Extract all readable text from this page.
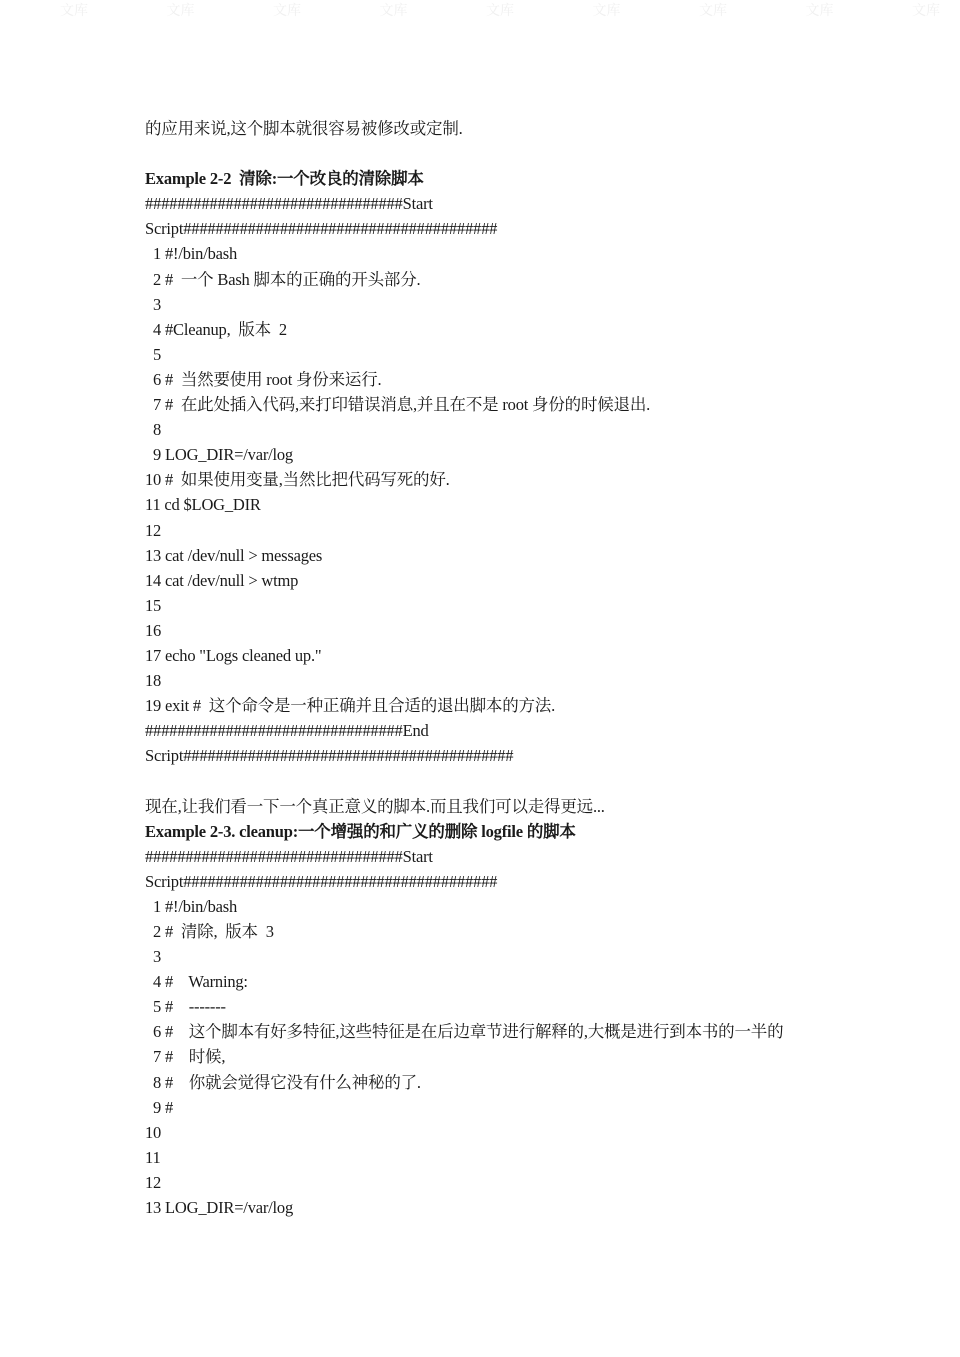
文库	文库	文库	文库	文库	文库	文库	文库	文库
的应用来说,这个脚本就很容易被修改或定制.
Example 2-2  清除:一个改良的清除脚本
################################Start
Script#######################################
1 #!/bin/bash
2 #  一个 Bash 脚本的正确的开头部分.
3
4 #Cleanup,  版本  2
5
6 #  当然要使用 root 身份来运行.
7 #  在此处插入代码,来打印错误消息,并且在不是 root 身份的时候退出.
8
9 LOG_DIR=/var/log
10 #  如果使用变量,当然比把代码写死的好.
11 cd $LOG_DIR
12
13 cat /dev/null > messages
14 cat /dev/null > wtmp
15
16
17 echo "Logs cleaned up."
18
19 exit #  这个命令是一种正确并且合适的退出脚本的方法.
################################End
Script#########################################
现在,让我们看一下一个真正意义的脚本.而且我们可以走得更远...
Example 2-3. cleanup:一个增强的和广义的删除 logfile 的脚本
################################Start
Script#######################################
1 #!/bin/bash
2 #  清除,  版本  3
3
4 #    Warning:
5 #    -------
6 #    这个脚本有好多特征,这些特征是在后边章节进行解释的,大概是进行到本书的一半的
7 #    时候,
8 #    你就会觉得它没有什么神秘的了.
9 #
10
11
12
13 LOG_DIR=/var/log
